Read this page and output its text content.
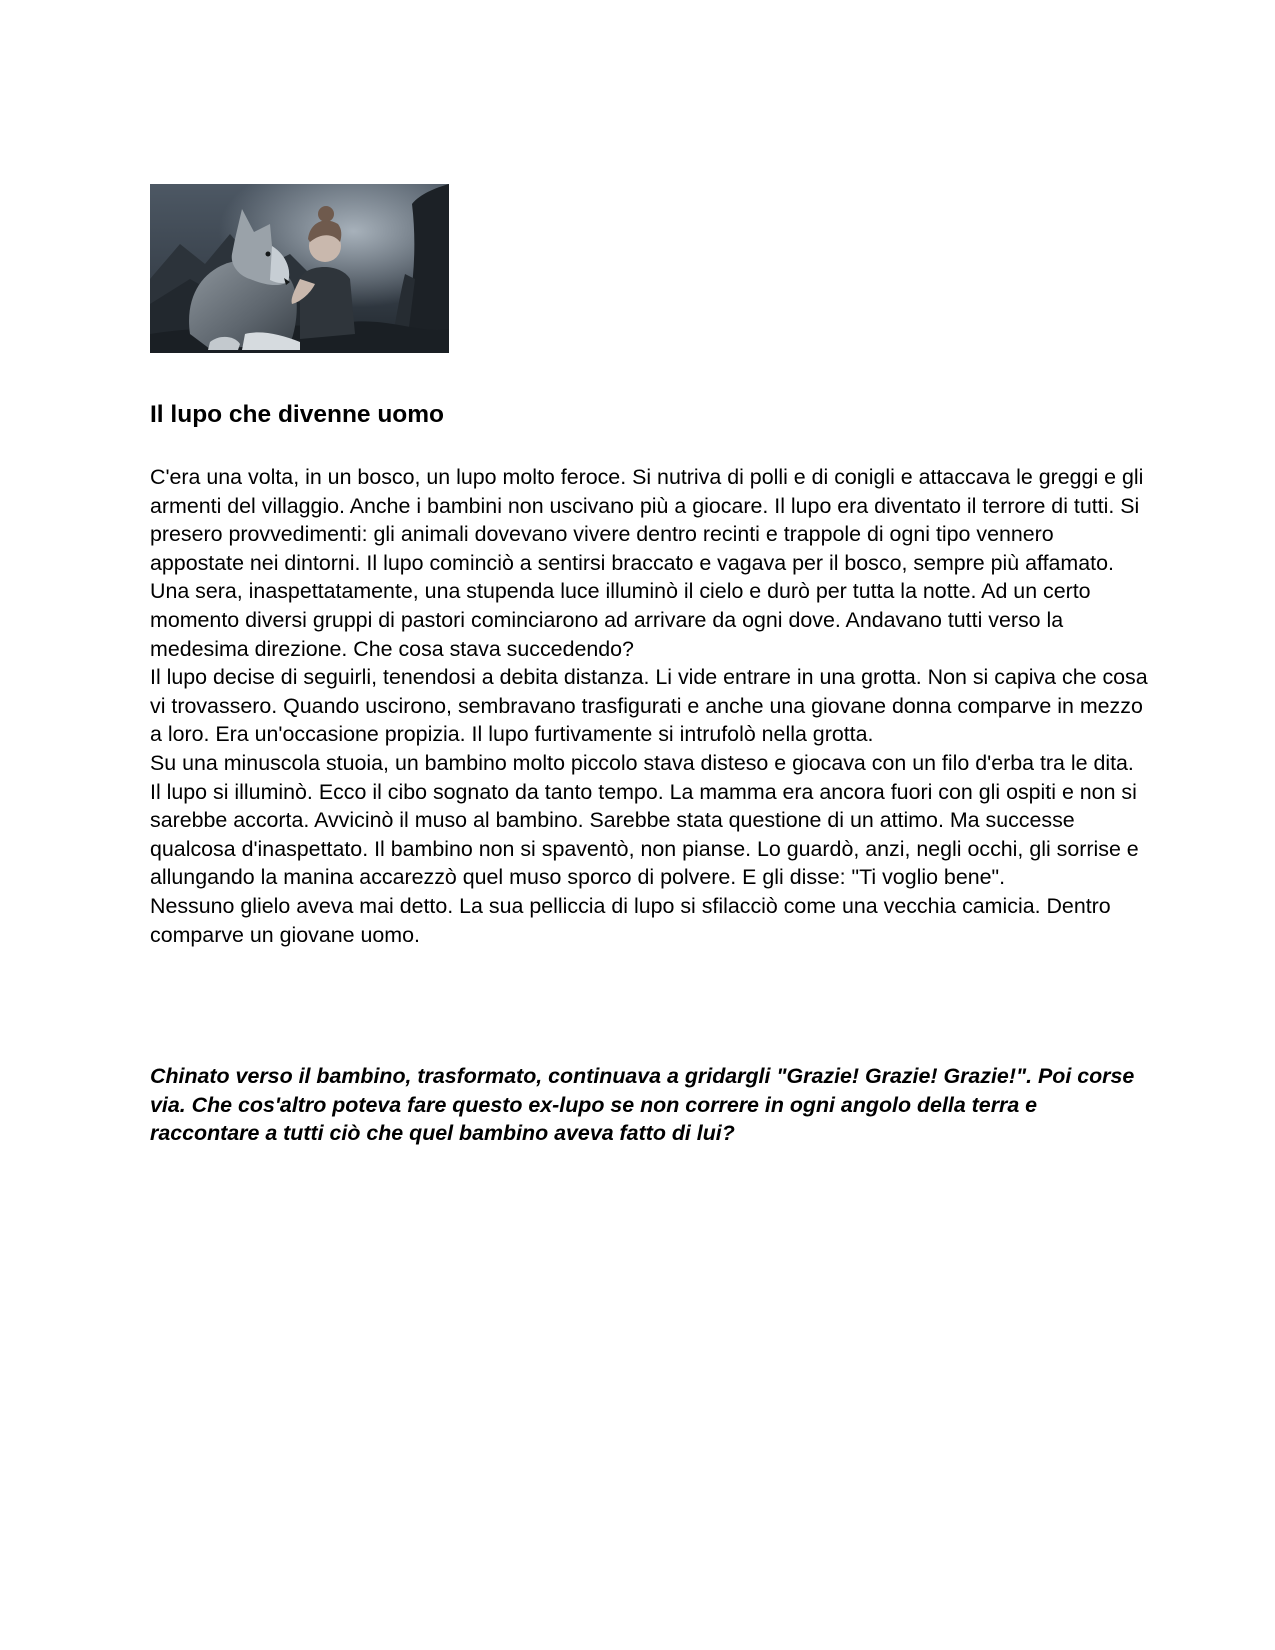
Il lupo che divenne uomo

C'era una volta, in un bosco, un lupo molto feroce. Si nutriva di polli e di conigli e attaccava le greggi e gli armenti del villaggio. Anche i bambini non uscivano più a giocare. Il lupo era diventato il terrore di tutti. Si presero provvedimenti: gli animali dovevano vivere dentro recinti e trappole di ogni tipo vennero appostate nei dintorni. Il lupo cominciò a sentirsi braccato e vagava per il bosco, sempre più affamato.

Una sera, inaspettatamente, una stupenda luce illuminò il cielo e durò per tutta la notte. Ad un certo momento diversi gruppi di pastori cominciarono ad arrivare da ogni dove. Andavano tutti verso la medesima direzione. Che cosa stava succedendo?

Il lupo decise di seguirli, tenendosi a debita distanza. Li vide entrare in una grotta. Non si capiva che cosa vi trovassero. Quando uscirono, sembravano trasfigurati e anche una giovane donna comparve in mezzo a loro. Era un'occasione propizia. Il lupo furtivamente si intrufolò nella grotta.

Su una minuscola stuoia, un bambino molto piccolo stava disteso e giocava con un filo d'erba tra le dita. Il lupo si illuminò. Ecco il cibo sognato da tanto tempo. La mamma era ancora fuori con gli ospiti e non si sarebbe accorta. Avvicinò il muso al bambino. Sarebbe stata questione di un attimo. Ma successe qualcosa d'inaspettato. Il bambino non si spaventò, non pianse. Lo guardò, anzi, negli occhi, gli sorrise e allungando la manina accarezzò quel muso sporco di polvere. E gli disse: "Ti voglio bene".

Nessuno glielo aveva mai detto. La sua pelliccia di lupo si sfilacciò come una vecchia camicia. Dentro comparve un giovane uomo.

Chinato verso il bambino, trasformato, continuava a gridargli "Grazie! Grazie! Grazie!". Poi corse via. Che cos'altro poteva fare questo ex-lupo se non correre in ogni angolo della terra e raccontare a tutti ciò che quel bambino aveva fatto di lui?
